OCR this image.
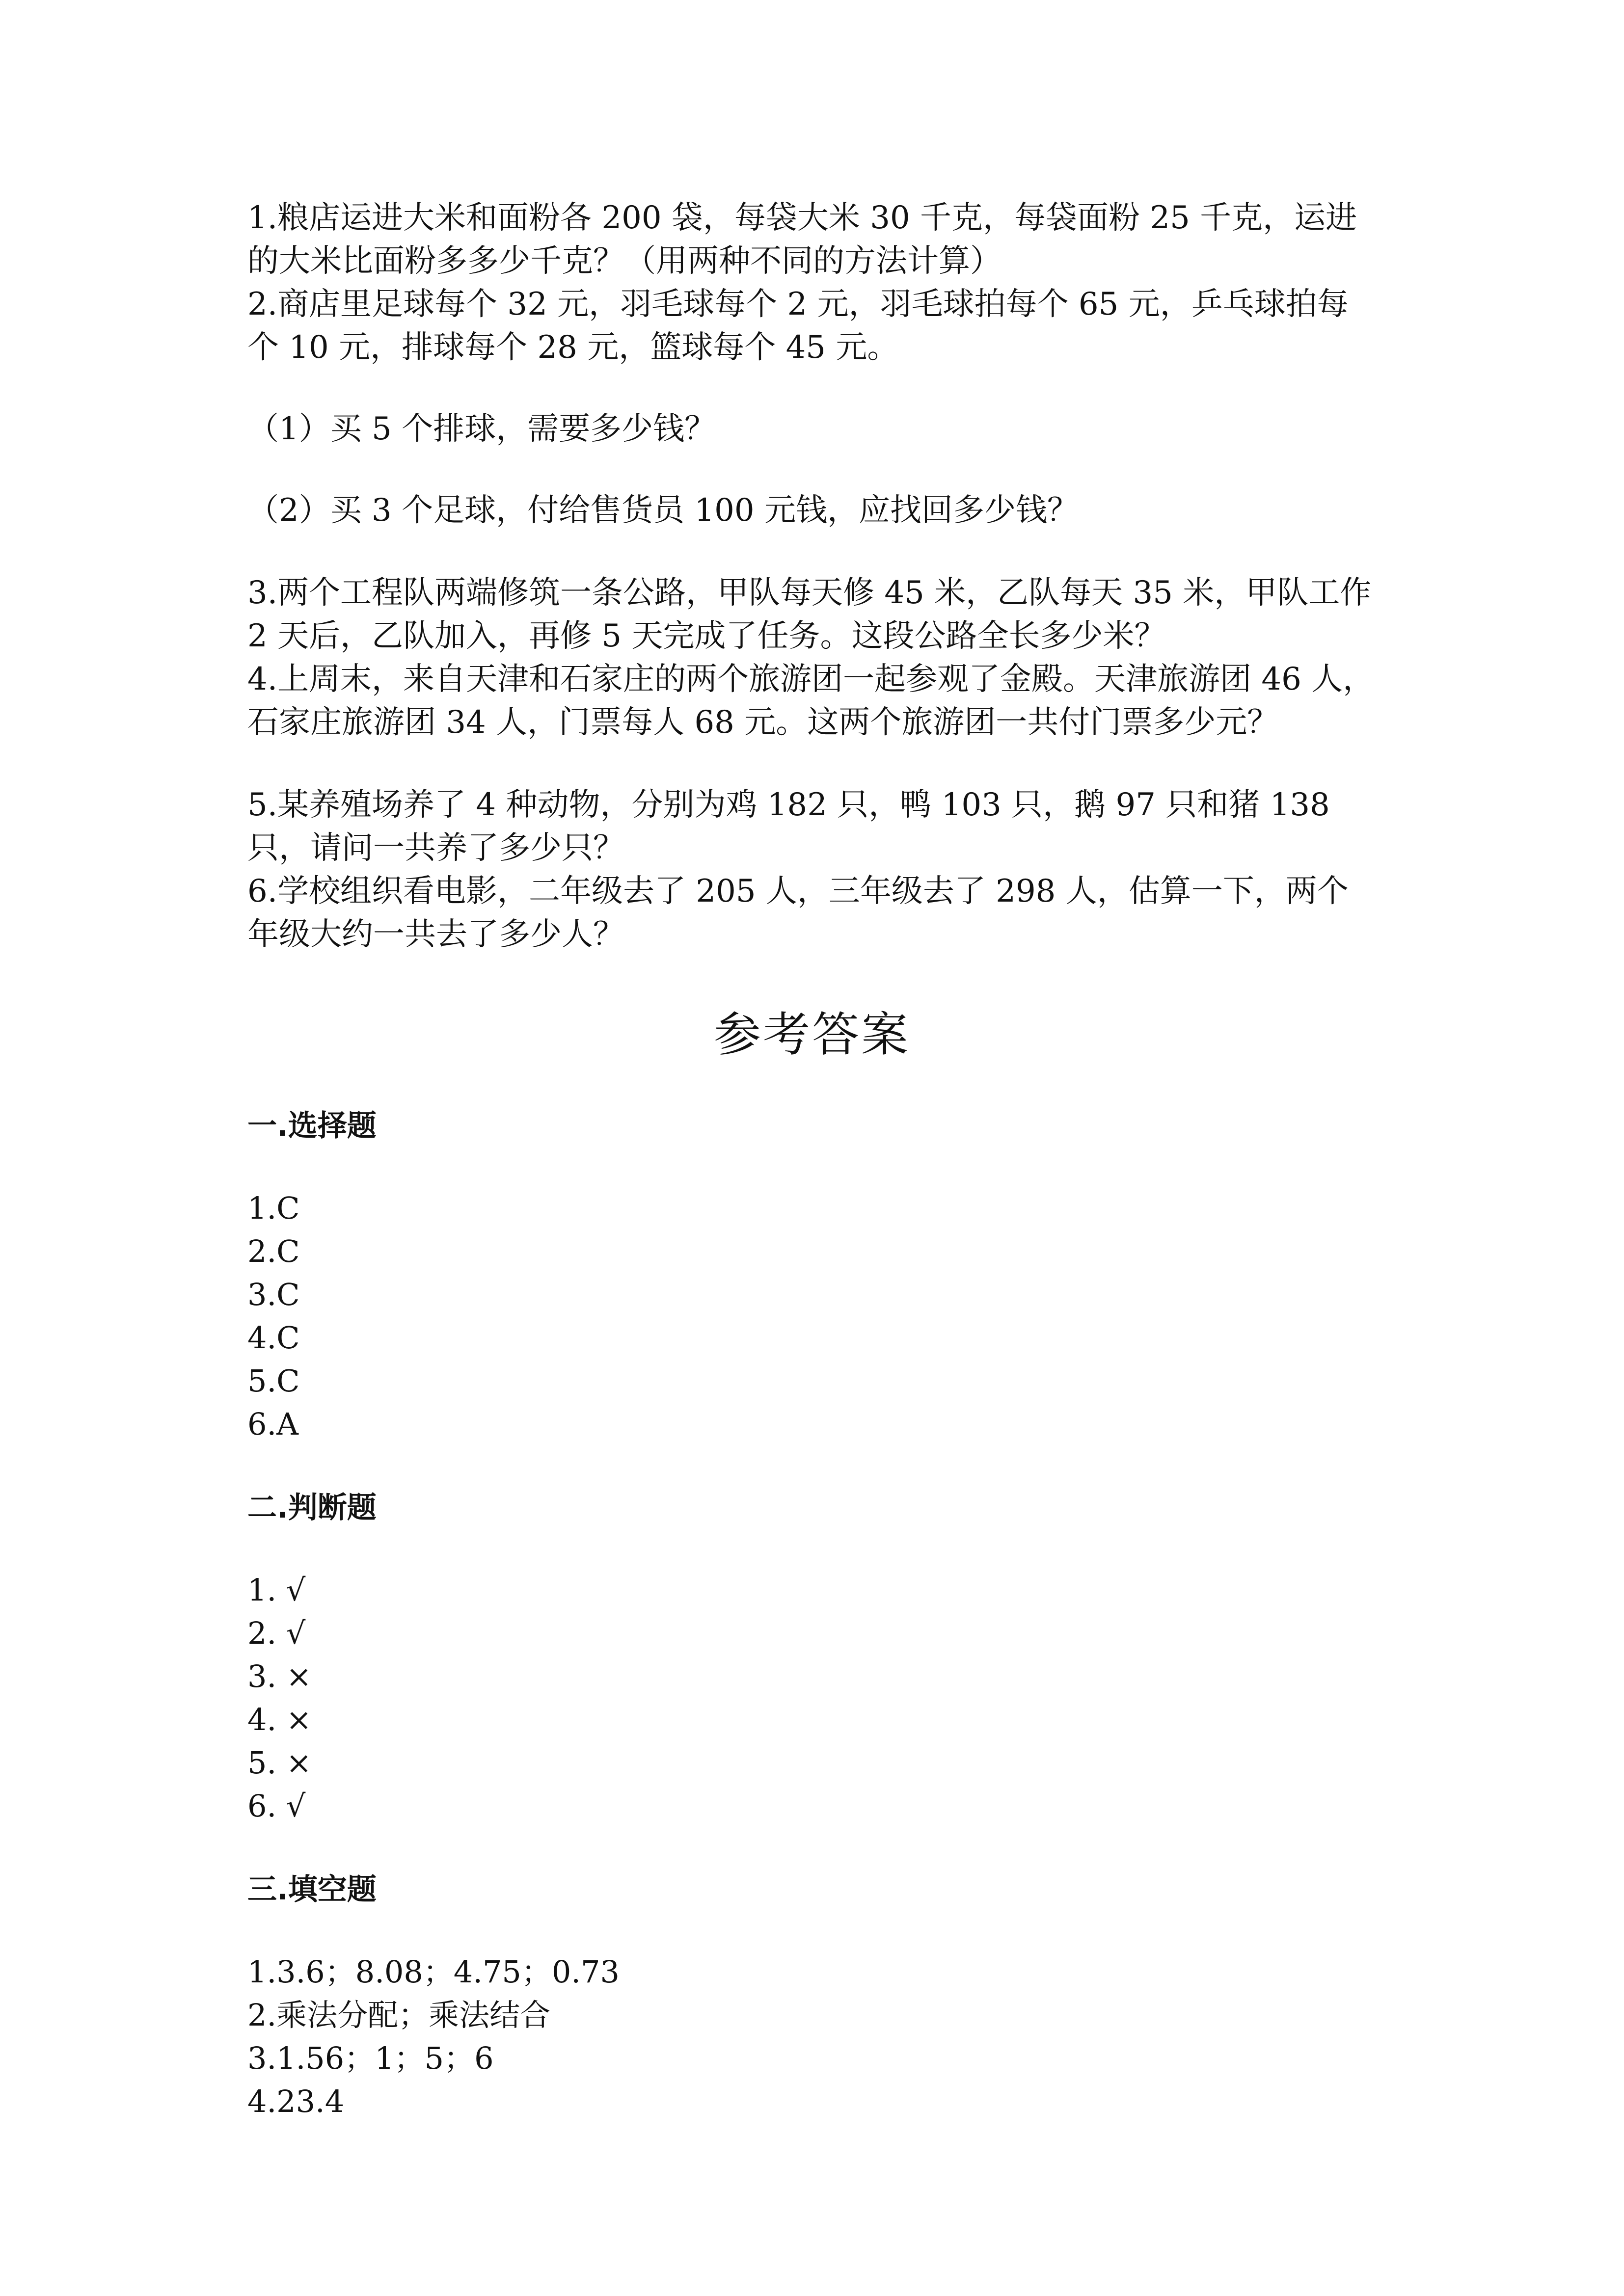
1.粮店运进大米和面粉各 200 袋，每袋大米 30 千克，每袋面粉 25 千克，运进的大米比面粉多多少千克？（用两种不同的方法计算）

2.商店里足球每个 32 元，羽毛球每个 2 元，羽毛球拍每个 65 元，乒乓球拍每个 10 元，排球每个 28 元，篮球每个 45 元。

（1）买 5 个排球，需要多少钱？

（2）买 3 个足球，付给售货员 100 元钱，应找回多少钱？

3.两个工程队两端修筑一条公路，甲队每天修 45 米，乙队每天 35 米，甲队工作 2 天后，乙队加入，再修 5 天完成了任务。这段公路全长多少米？

4.上周末，来自天津和石家庄的两个旅游团一起参观了金殿。天津旅游团 46 人，石家庄旅游团 34 人，门票每人 68 元。这两个旅游团一共付门票多少元？

5.某养殖场养了 4 种动物，分别为鸡 182 只，鸭 103 只，鹅 97 只和猪 138 只，请问一共养了多少只？

6.学校组织看电影，二年级去了 205 人，三年级去了 298 人，估算一下，两个年级大约一共去了多少人？

参考答案
一.选择题
1.C
2.C
3.C
4.C
5.C
6.A
二.判断题
1. √
2. √
3. ×
4. ×
5. ×
6. √
三.填空题
1.3.6；8.08；4.75；0.73
2.乘法分配；乘法结合
3.1.56；1；5；6
4.23.4
